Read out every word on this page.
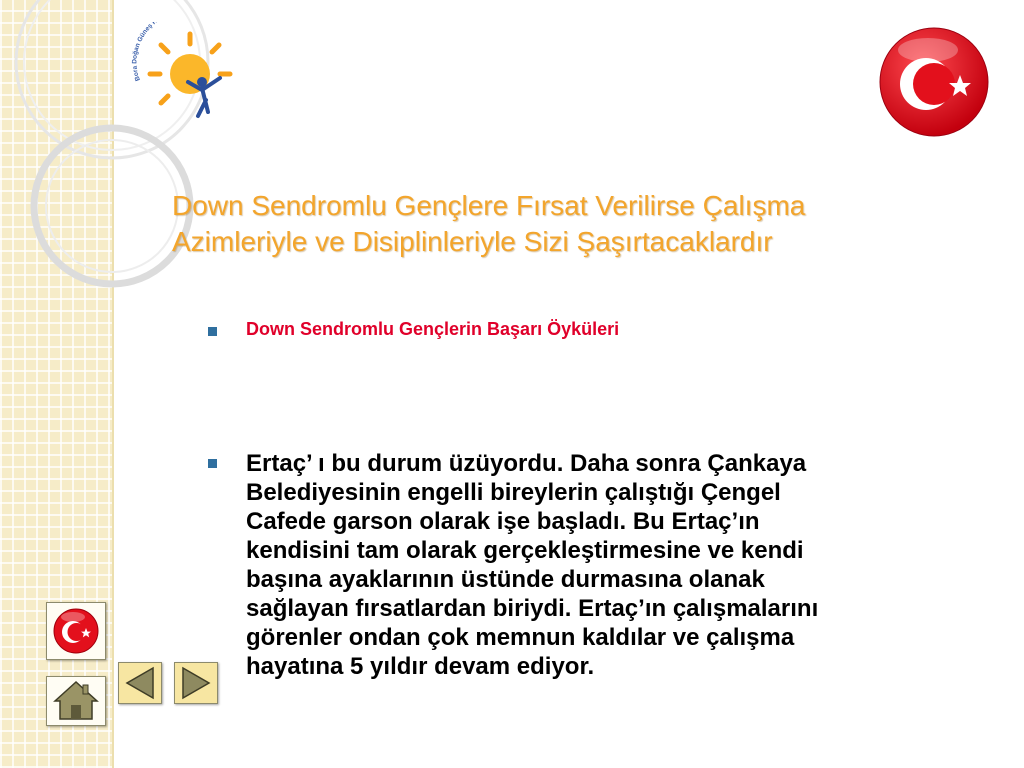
Bora Doğan Güneş R
Down Sendromlu Gençlere Fırsat Verilirse Çalışma
Azimleriyle ve Disiplinleriyle Sizi Şaşırtacaklardır
Down Sendromlu Gençlerin Başarı Öyküleri
Ertaç’ ı bu durum üzüyordu. Daha sonra Çankaya
Belediyesinin engelli bireylerin çalıştığı Çengel
Cafede garson olarak işe başladı. Bu Ertaç’ın
kendisini tam olarak gerçekleştirmesine ve kendi
başına ayaklarının üstünde durmasına olanak
sağlayan fırsatlardan biriydi. Ertaç’ın çalışmalarını
görenler ondan çok memnun kaldılar ve çalışma
hayatına 5 yıldır devam ediyor.
